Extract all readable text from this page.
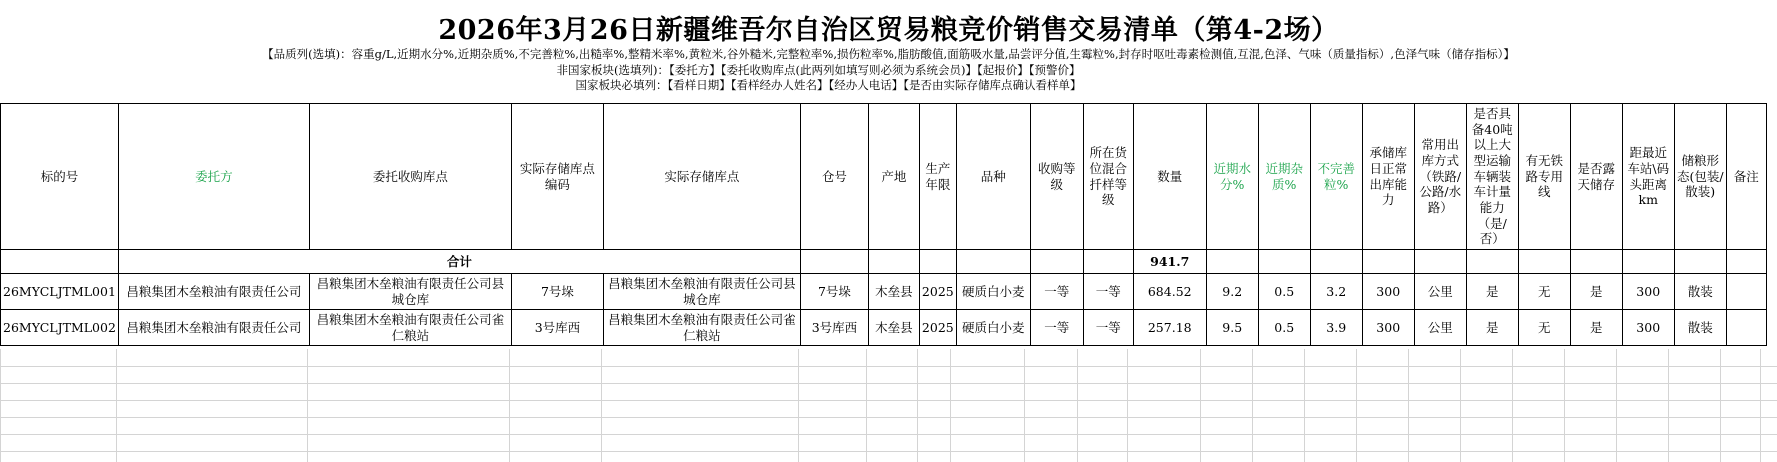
2026年3月26日新疆维吾尔自治区贸易粮竞价销售交易清单（第4-2场）
【品质列(选填)：容重g/L,近期水分%,近期杂质%,不完善粒%,出糙率%,整精米率%,黄粒米,谷外糙米,完整粒率%,损伤粒率%,脂肪酸值,面筋吸水量,品尝评分值,生霉粒%,封存时呕吐毒素检测值,互混,色泽、气味（质量指标）,色泽气味（储存指标）】
非国家板块(选填列)：【委托方】【委托收购库点(此两列如填写则必须为系统会员)】【起报价】【预警价】
国家板块必填列：【看样日期】【看样经办人姓名】【经办人电话】【是否由实际存储库点确认看样单】
标的号	委托方	委托收购库点	实际存储库点编码	实际存储库点	仓号	产地	生产年限	品种	收购等级	所在货位混合扦样等级	数量	近期水分%	近期杂质%	不完善粒%	承储库日正常出库能力	常用出库方式（铁路/公路/水路）	是否具备40吨以上大型运输车辆装车计量能力（是/否）	有无铁路专用线	是否露天储存	距最近车站\码头距离km	储粮形态(包装/散装)	备注
	合计										941.7											
26MYCLJTML001	昌粮集团木垒粮油有限责任公司	昌粮集团木垒粮油有限责任公司县城仓库	7号垛	昌粮集团木垒粮油有限责任公司县城仓库	7号垛	木垒县	2025	硬质白小麦	一等	一等	684.52	9.2	0.5	3.2	300	公里	是	无	是	300	散装	
26MYCLJTML002	昌粮集团木垒粮油有限责任公司	昌粮集团木垒粮油有限责任公司雀仁粮站	3号库西	昌粮集团木垒粮油有限责任公司雀仁粮站	3号库西	木垒县	2025	硬质白小麦	一等	一等	257.18	9.5	0.5	3.9	300	公里	是	无	是	300	散装	
